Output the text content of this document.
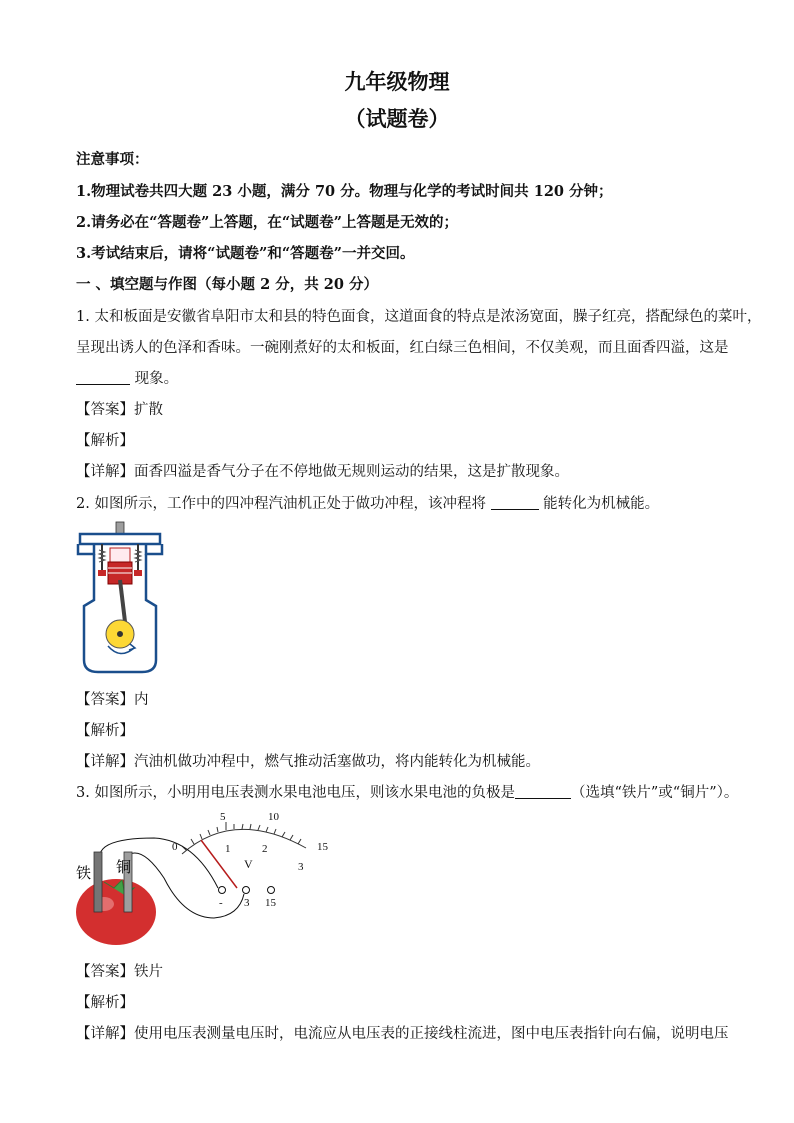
九年级物理
（试题卷）
注意事项：
1.物理试卷共四大题 23 小题，满分 70 分。物理与化学的考试时间共 120 分钟；
2.请务必在“答题卷”上答题，在“试题卷”上答题是无效的；
3.考试结束后，请将“试题卷”和“答题卷”一并交回。
一 、填空题与作图（每小题 2 分，共 20 分）
1. 太和板面是安徽省阜阳市太和县的特色面食，这道面食的特点是浓汤宽面，臊子红亮，搭配绿色的菜叶，
呈现出诱人的色泽和香味。一碗刚煮好的太和板面，红白绿三色相间，不仅美观，而且面香四溢，这是
现象。
【答案】扩散
【解析】
【详解】面香四溢是香气分子在不停地做无规则运动的结果，这是扩散现象。
2. 如图所示，工作中的四冲程汽油机正处于做功冲程，该冲程将	能转化为机械能。
【答案】内
【解析】
【详解】汽油机做功冲程中，燃气推动活塞做功，将内能转化为机械能。
3. 如图所示，小明用电压表测水果电池电压，则该水果电池的负极是	（选填“铁片”或“铜片”）。
5	10
15
0	1	2
3
V
- 3 15
铁 铜
【答案】铁片
【解析】
【详解】使用电压表测量电压时，电流应从电压表的正接线柱流进，图中电压表指针向右偏，说明电压
